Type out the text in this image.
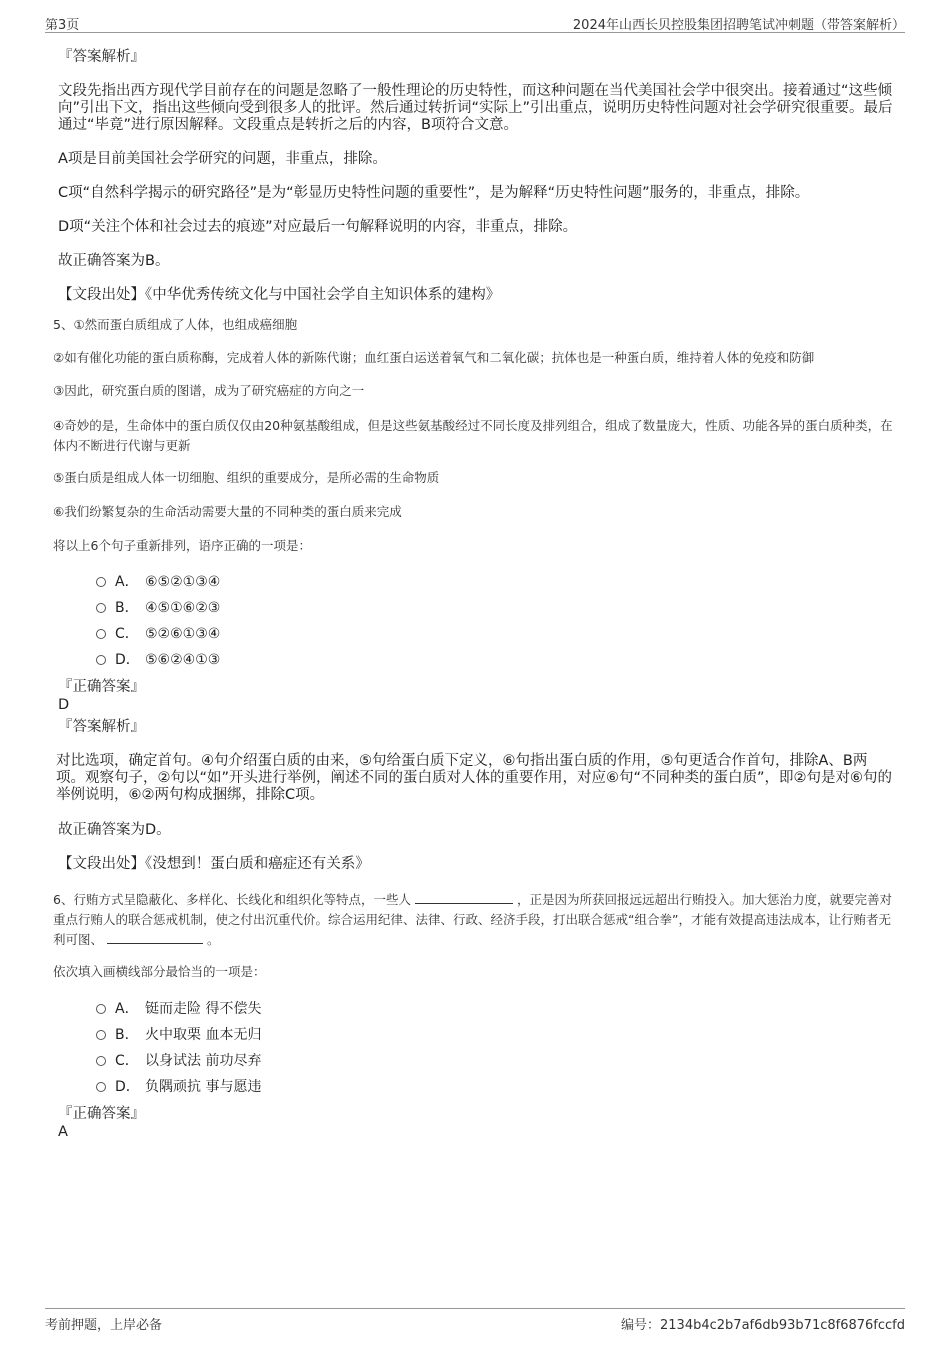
第3页	2024年山西长贝控股集团招聘笔试冲刺题（带答案解析）

『答案解析』

文段先指出西方现代学目前存在的问题是忽略了一般性理论的历史特性，而这种问题在当代美国社会学中很突出。接着通过“这些倾向”引出下文，指出这些倾向受到很多人的批评。然后通过转折词“实际上”引出重点，说明历史特性问题对社会学研究很重要。最后通过“毕竟”进行原因解释。文段重点是转折之后的内容，B项符合文意。

A项是目前美国社会学研究的问题，非重点，排除。

C项“自然科学揭示的研究路径”是为“彰显历史特性问题的重要性”，是为解释“历史特性问题”服务的，非重点，排除。

D项“关注个体和社会过去的痕迹”对应最后一句解释说明的内容，非重点，排除。

故正确答案为B。

【文段出处】《中华优秀传统文化与中国社会学自主知识体系的建构》

5、①然而蛋白质组成了人体，也组成癌细胞

②如有催化功能的蛋白质称酶，完成着人体的新陈代谢；血红蛋白运送着氧气和二氧化碳；抗体也是一种蛋白质，维持着人体的免疫和防御

③因此，研究蛋白质的图谱，成为了研究癌症的方向之一

④奇妙的是，生命体中的蛋白质仅仅由20种氨基酸组成，但是这些氨基酸经过不同长度及排列组合，组成了数量庞大，性质、功能各异的蛋白质种类，在体内不断进行代谢与更新

⑤蛋白质是组成人体一切细胞、组织的重要成分，是所必需的生命物质

⑥我们纷繁复杂的生命活动需要大量的不同种类的蛋白质来完成

将以上6个句子重新排列，语序正确的一项是：

A． ⑥⑤②①③④
B． ④⑤①⑥②③
C． ⑤②⑥①③④
D． ⑤⑥②④①③

『正确答案』

D

『答案解析』

对比选项，确定首句。④句介绍蛋白质的由来，⑤句给蛋白质下定义，⑥句指出蛋白质的作用，⑤句更适合作首句，排除A、B两项。观察句子，②句以“如”开头进行举例，阐述不同的蛋白质对人体的重要作用，对应⑥句“不同种类的蛋白质”，即②句是对⑥句的举例说明，⑥②两句构成捆绑，排除C项。

故正确答案为D。

【文段出处】《没想到！蛋白质和癌症还有关系》

6、行贿方式呈隐蔽化、多样化、长线化和组织化等特点，一些人	，正是因为所获回报远远超出行贿投入。加大惩治力度，就要完善对重点行贿人的联合惩戒机制，使之付出沉重代价。综合运用纪律、法律、行政、经济手段，打出联合惩戒“组合拳”，才能有效提高违法成本，让行贿者无利可图、	。

依次填入画横线部分最恰当的一项是：

A． 铤而走险 得不偿失
B． 火中取栗 血本无归
C． 以身试法 前功尽弃
D． 负隅顽抗 事与愿违

『正确答案』

A

考前押题，上岸必备	编号：2134b4c2b7af6db93b71c8f6876fccfd
